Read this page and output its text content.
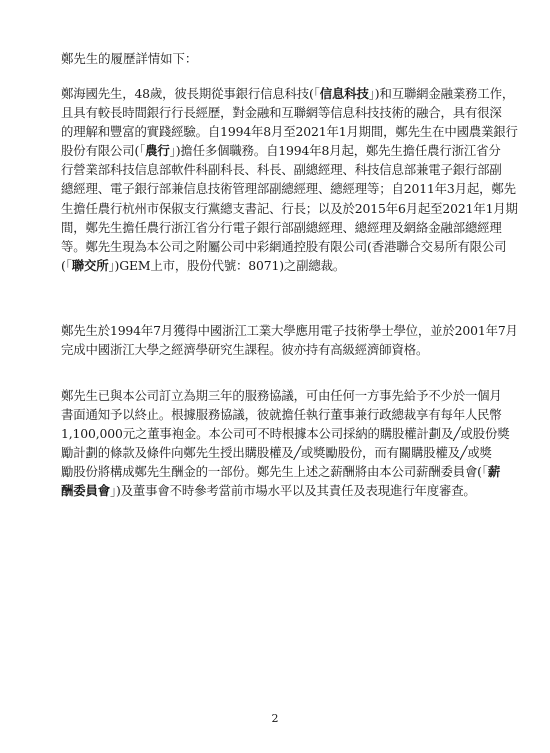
鄭先生的履歷詳情如下：
鄭海國先生，48歲，彼長期從事銀行信息科技(「信息科技」)和互聯網金融業務工作，
且具有較長時間銀行行長經歷，對金融和互聯網等信息科技技術的融合，具有很深
的理解和豐富的實踐經驗。自1994年8月至2021年1月期間，鄭先生在中國農業銀行
股份有限公司(「農行」)擔任多個職務。自1994年8月起，鄭先生擔任農行浙江省分
行營業部科技信息部軟件科副科長、科長、副總經理、科技信息部兼電子銀行部副
總經理、電子銀行部兼信息技術管理部副總經理、總經理等；自2011年3月起，鄭先
生擔任農行杭州市保俶支行黨總支書記、行長；以及於2015年6月起至2021年1月期
間，鄭先生擔任農行浙江省分行電子銀行部副總經理、總經理及網絡金融部總經理
等。鄭先生現為本公司之附屬公司中彩網通控股有限公司(香港聯合交易所有限公司
(「聯交所」)GEM上市，股份代號：8071)之副總裁。
鄭先生於1994年7月獲得中國浙江工業大學應用電子技術學士學位，並於2001年7月
完成中國浙江大學之經濟學研究生課程。彼亦持有高級經濟師資格。
鄭先生已與本公司訂立為期三年的服務協議，可由任何一方事先給予不少於一個月
書面通知予以終止。根據服務協議，彼就擔任執行董事兼行政總裁享有每年人民幣
1,100,000元之董事袍金。本公司可不時根據本公司採納的購股權計劃及╱或股份獎
勵計劃的條款及條件向鄭先生授出購股權及╱或獎勵股份，而有關購股權及╱或獎
勵股份將構成鄭先生酬金的一部份。鄭先生上述之薪酬將由本公司薪酬委員會(「薪
酬委員會」)及董事會不時參考當前市場水平以及其責任及表現進行年度審查。
2
